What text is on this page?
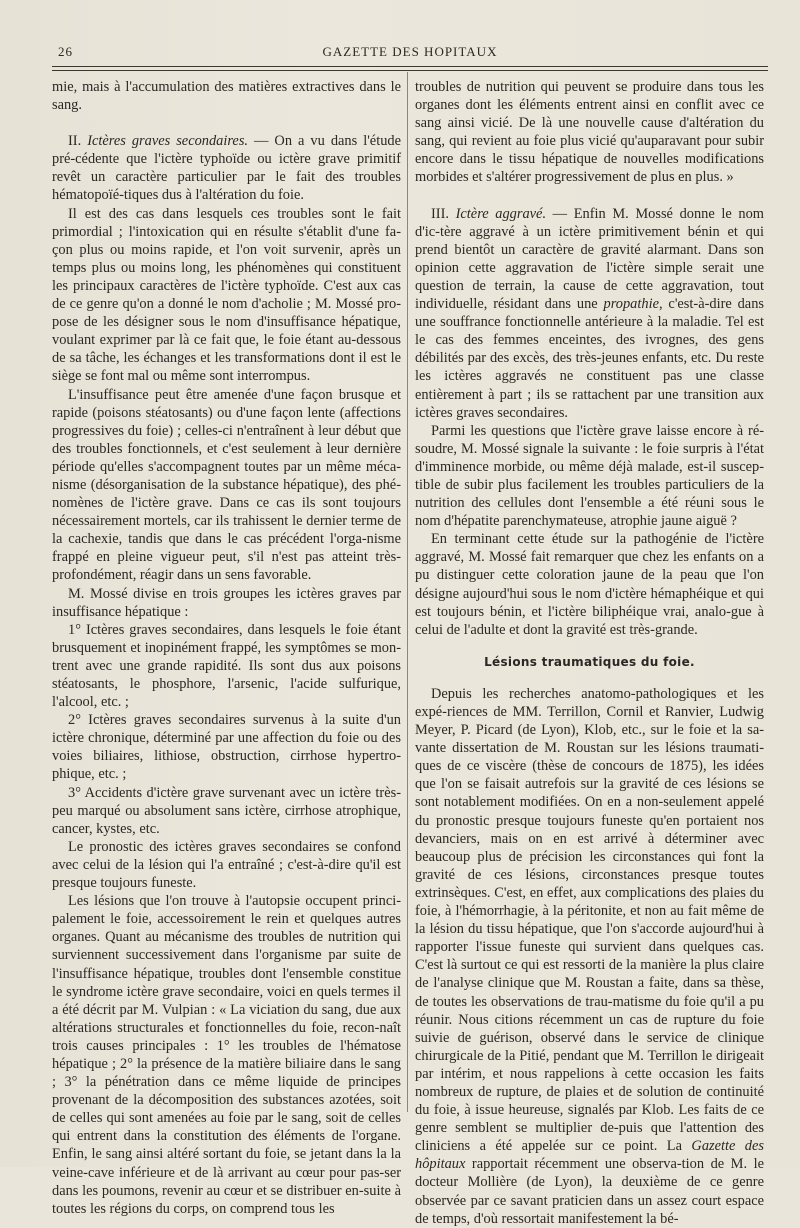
26	GAZETTE DES HOPITAUX

mie, mais à l'accumulation des matières extractives dans le sang.

II. Ictères graves secondaires. — On a vu dans l'étude pré-cédente que l'ictère typhoïde ou ictère grave primitif revêt un caractère particulier par le fait des troubles hématopoïé-tiques dus à l'altération du foie.

Il est des cas dans lesquels ces troubles sont le fait primordial ; l'intoxication qui en résulte s'établit d'une fa-çon plus ou moins rapide, et l'on voit survenir, après un temps plus ou moins long, les phénomènes qui constituent les principaux caractères de l'ictère typhoïde. C'est aux cas de ce genre qu'on a donné le nom d'acholie ; M. Mossé pro-pose de les désigner sous le nom d'insuffisance hépatique, voulant exprimer par là ce fait que, le foie étant au-dessous de sa tâche, les échanges et les transformations dont il est le siège se font mal ou même sont interrompus.

L'insuffisance peut être amenée d'une façon brusque et rapide (poisons stéatosants) ou d'une façon lente (affections progressives du foie) ; celles-ci n'entraînent à leur début que des troubles fonctionnels, et c'est seulement à leur dernière période qu'elles s'accompagnent toutes par un même méca-nisme (désorganisation de la substance hépatique), des phé-nomènes de l'ictère grave. Dans ce cas ils sont toujours nécessairement mortels, car ils trahissent le dernier terme de la cachexie, tandis que dans le cas précédent l'orga-nisme frappé en pleine vigueur peut, s'il n'est pas atteint très-profondément, réagir dans un sens favorable.

M. Mossé divise en trois groupes les ictères graves par insuffisance hépatique :

1° Ictères graves secondaires, dans lesquels le foie étant brusquement et inopinément frappé, les symptômes se mon-trent avec une grande rapidité. Ils sont dus aux poisons stéatosants, le phosphore, l'arsenic, l'acide sulfurique, l'alcool, etc. ;

2° Ictères graves secondaires survenus à la suite d'un ictère chronique, déterminé par une affection du foie ou des voies biliaires, lithiose, obstruction, cirrhose hypertro-phique, etc. ;

3° Accidents d'ictère grave survenant avec un ictère très-peu marqué ou absolument sans ictère, cirrhose atrophique, cancer, kystes, etc.

Le pronostic des ictères graves secondaires se confond avec celui de la lésion qui l'a entraîné ; c'est-à-dire qu'il est presque toujours funeste.

Les lésions que l'on trouve à l'autopsie occupent princi-palement le foie, accessoirement le rein et quelques autres organes. Quant au mécanisme des troubles de nutrition qui surviennent successivement dans l'organisme par suite de l'insuffisance hépatique, troubles dont l'ensemble constitue le syndrome ictère grave secondaire, voici en quels termes il a été décrit par M. Vulpian : « La viciation du sang, due aux altérations structurales et fonctionnelles du foie, recon-naît trois causes principales : 1° les troubles de l'hématose hépatique ; 2° la présence de la matière biliaire dans le sang ; 3° la pénétration dans ce même liquide de principes provenant de la décomposition des substances azotées, soit de celles qui sont amenées au foie par le sang, soit de celles qui entrent dans la constitution des éléments de l'organe. Enfin, le sang ainsi altéré sortant du foie, se jetant dans la la veine-cave inférieure et de là arrivant au cœur pour pas-ser dans les poumons, revenir au cœur et se distribuer en-suite à toutes les régions du corps, on comprend tous les

troubles de nutrition qui peuvent se produire dans tous les organes dont les éléments entrent ainsi en conflit avec ce sang ainsi vicié. De là une nouvelle cause d'altération du sang, qui revient au foie plus vicié qu'auparavant pour subir encore dans le tissu hépatique de nouvelles modifications morbides et s'altérer progressivement de plus en plus. »

III. Ictère aggravé. — Enfin M. Mossé donne le nom d'ic-tère aggravé à un ictère primitivement bénin et qui prend bientôt un caractère de gravité alarmant. Dans son opinion cette aggravation de l'ictère simple serait une question de terrain, la cause de cette aggravation, tout individuelle, résidant dans une propathie, c'est-à-dire dans une souffrance fonctionnelle antérieure à la maladie. Tel est le cas des femmes enceintes, des ivrognes, des gens débilités par des excès, des très-jeunes enfants, etc. Du reste les ictères aggravés ne constituent pas une classe entièrement à part ; ils se rattachent par une transition aux ictères graves secondaires.

Parmi les questions que l'ictère grave laisse encore à ré-soudre, M. Mossé signale la suivante : le foie surpris à l'état d'imminence morbide, ou même déjà malade, est-il suscep-tible de subir plus facilement les troubles particuliers de la nutrition des cellules dont l'ensemble a été réuni sous le nom d'hépatite parenchymateuse, atrophie jaune aiguë ?

En terminant cette étude sur la pathogénie de l'ictère aggravé, M. Mossé fait remarquer que chez les enfants on a pu distinguer cette coloration jaune de la peau que l'on désigne aujourd'hui sous le nom d'ictère hémaphéique et qui est toujours bénin, et l'ictère biliphéique vrai, analo-gue à celui de l'adulte et dont la gravité est très-grande.

Lésions traumatiques du foie.

Depuis les recherches anatomo-pathologiques et les expé-riences de MM. Terrillon, Cornil et Ranvier, Ludwig Meyer, P. Picard (de Lyon), Klob, etc., sur le foie et la sa-vante dissertation de M. Roustan sur les lésions traumati-ques de ce viscère (thèse de concours de 1875), les idées que l'on se faisait autrefois sur la gravité de ces lésions se sont notablement modifiées. On en a non-seulement appelé du pronostic presque toujours funeste qu'en portaient nos devanciers, mais on en est arrivé à déterminer avec beaucoup plus de précision les circonstances qui font la gravité de ces lésions, circonstances presque toutes extrinsèques. C'est, en effet, aux complications des plaies du foie, à l'hémorrhagie, à la péritonite, et non au fait même de la lésion du tissu hépatique, que l'on s'accorde aujourd'hui à rapporter l'issue funeste qui survient dans quelques cas. C'est là surtout ce qui est ressorti de la manière la plus claire de l'analyse clinique que M. Roustan a faite, dans sa thèse, de toutes les observations de trau-matisme du foie qu'il a pu réunir. Nous citions récemment un cas de rupture du foie suivie de guérison, observé dans le service de clinique chirurgicale de la Pitié, pendant que M. Terrillon le dirigeait par intérim, et nous rappelions à cette occasion les faits nombreux de rupture, de plaies et de solution de continuité du foie, à issue heureuse, signalés par Klob. Les faits de ce genre semblent se multiplier de-puis que l'attention des cliniciens a été appelée sur ce point. La Gazette des hôpitaux rapportait récemment une observa-tion de M. le docteur Mollière (de Lyon), la deuxième de ce genre observée par ce savant praticien dans un assez court espace de temps, d'où ressortait manifestement la bé-
